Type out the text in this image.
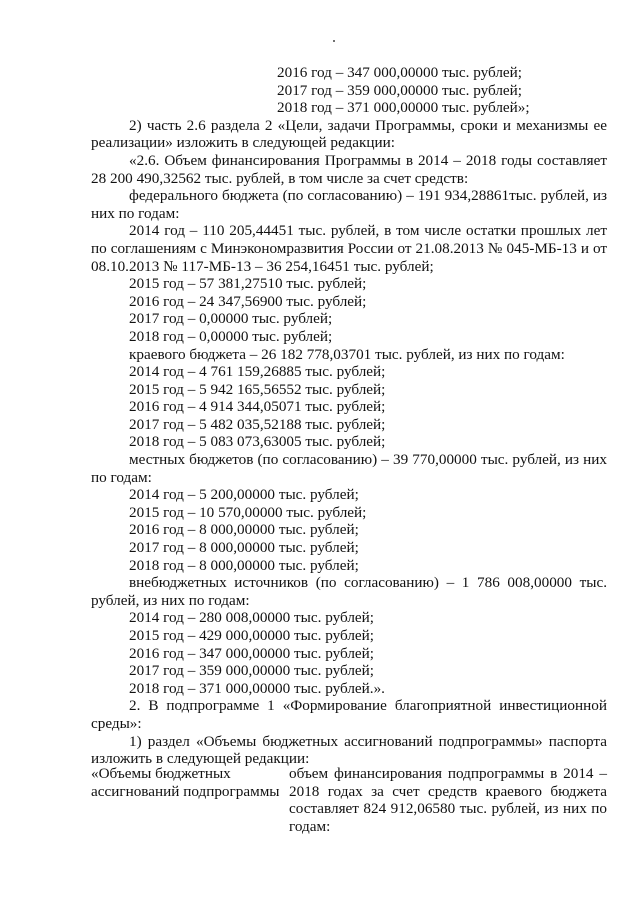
2016 год – 347 000,00000 тыс. рублей;
2017 год – 359 000,00000 тыс. рублей;
2018 год – 371 000,00000 тыс. рублей»;
2) часть 2.6 раздела 2 «Цели, задачи Программы, сроки и механизмы ее реализации» изложить в следующей редакции:
«2.6. Объем финансирования Программы в 2014 – 2018 годы составляет 28 200 490,32562 тыс. рублей, в том числе за счет средств:
федерального бюджета (по согласованию) – 191 934,28861тыс. рублей, из них по годам:
2014 год – 110 205,44451 тыс. рублей, в том числе остатки прошлых лет по соглашениям с Минэкономразвития России от 21.08.2013 № 045-МБ-13 и от 08.10.2013 № 117-МБ-13 – 36 254,16451 тыс. рублей;
2015 год – 57 381,27510 тыс. рублей;
2016 год – 24 347,56900 тыс. рублей;
2017 год – 0,00000 тыс. рублей;
2018 год – 0,00000 тыс. рублей;
краевого бюджета – 26 182 778,03701 тыс. рублей, из них по годам:
2014 год – 4 761 159,26885 тыс. рублей;
2015 год – 5 942 165,56552 тыс. рублей;
2016 год – 4 914 344,05071 тыс. рублей;
2017 год – 5 482 035,52188 тыс. рублей;
2018 год – 5 083 073,63005 тыс. рублей;
местных бюджетов (по согласованию) – 39 770,00000 тыс. рублей, из них по годам:
2014 год – 5 200,00000 тыс. рублей;
2015 год – 10 570,00000 тыс. рублей;
2016 год – 8 000,00000 тыс. рублей;
2017 год – 8 000,00000 тыс. рублей;
2018 год – 8 000,00000 тыс. рублей;
внебюджетных источников (по согласованию) – 1 786 008,00000 тыс. рублей, из них по годам:
2014 год – 280 008,00000 тыс. рублей;
2015 год – 429 000,00000 тыс. рублей;
2016 год – 347 000,00000 тыс. рублей;
2017 год – 359 000,00000 тыс. рублей;
2018 год – 371 000,00000 тыс. рублей.».
2. В подпрограмме 1 «Формирование благоприятной инвестиционной среды»:
1) раздел «Объемы бюджетных ассигнований подпрограммы» паспорта изложить в следующей редакции:
«Объемы бюджетных ассигнований подпрограммы
объем финансирования подпрограммы в 2014 – 2018 годах за счет средств краевого бюджета составляет 824 912,06580 тыс. рублей, из них по годам:
